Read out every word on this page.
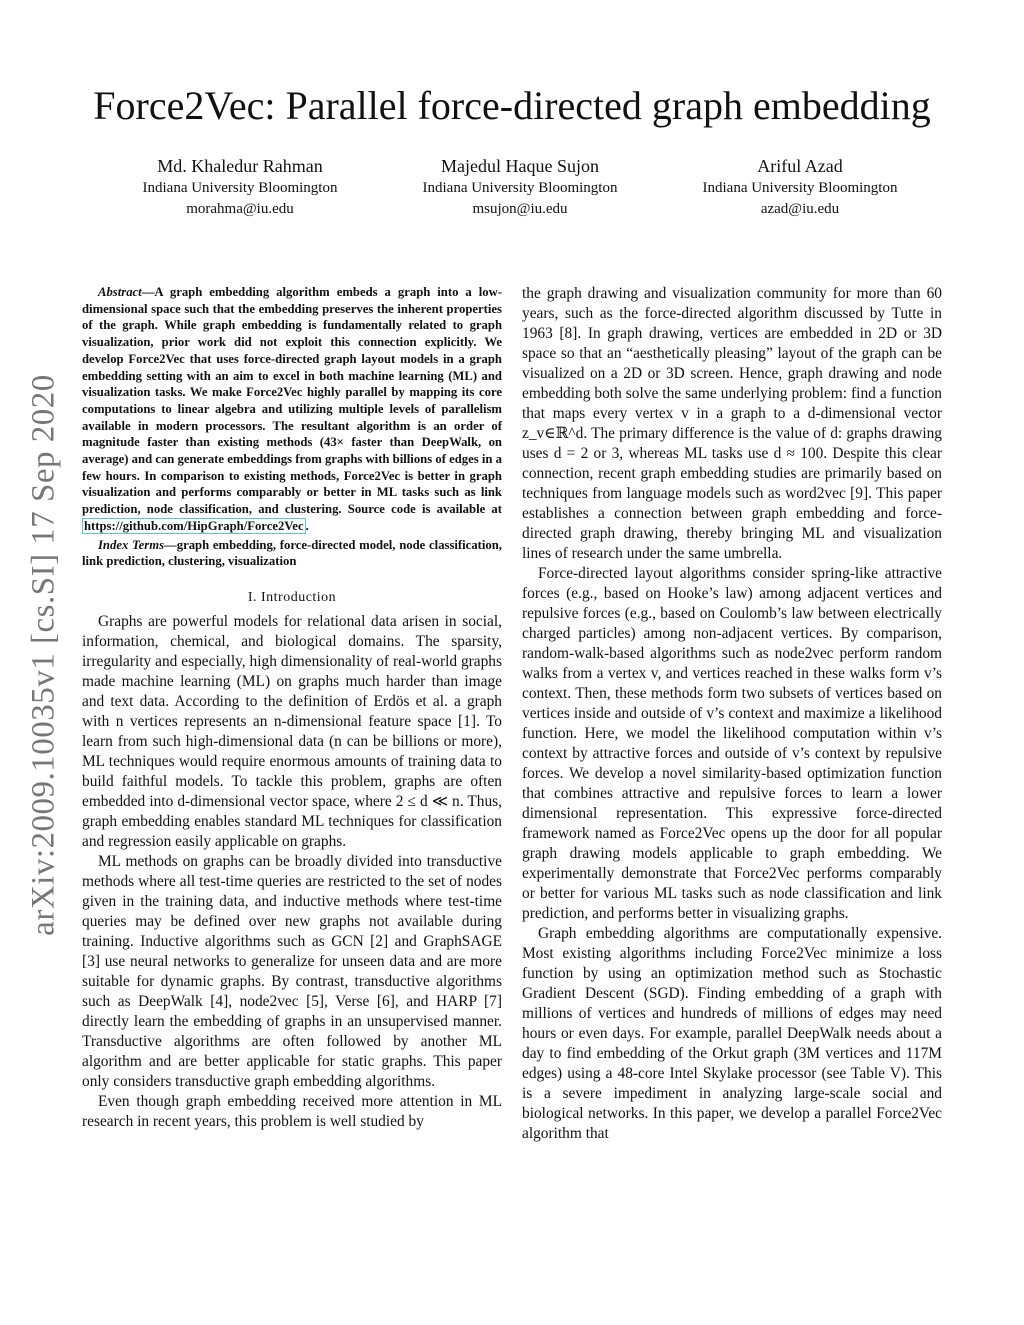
arXiv:2009.10035v1 [cs.SI] 17 Sep 2020
Force2Vec: Parallel force-directed graph embedding
Md. Khaledur Rahman
Indiana University Bloomington
morahma@iu.edu
Majedul Haque Sujon
Indiana University Bloomington
msujon@iu.edu
Ariful Azad
Indiana University Bloomington
azad@iu.edu

Abstract—A graph embedding algorithm embeds a graph into a low-dimensional space such that the embedding preserves the inherent properties of the graph. While graph embedding is fundamentally related to graph visualization, prior work did not exploit this connection explicitly. We develop Force2Vec that uses force-directed graph layout models in a graph embedding setting with an aim to excel in both machine learning (ML) and visualization tasks. We make Force2Vec highly parallel by mapping its core computations to linear algebra and utilizing multiple levels of parallelism available in modern processors. The resultant algorithm is an order of magnitude faster than existing methods (43× faster than DeepWalk, on average) and can generate embeddings from graphs with billions of edges in a few hours. In comparison to existing methods, Force2Vec is better in graph visualization and performs comparably or better in ML tasks such as link prediction, node classification, and clustering. Source code is available at https://github.com/HipGraph/Force2Vec .

Index Terms—graph embedding, force-directed model, node classification, link prediction, clustering, visualization

I. Introduction

Graphs are powerful models for relational data arisen in social, information, chemical, and biological domains. The sparsity, irregularity and especially, high dimensionality of real-world graphs made machine learning (ML) on graphs much harder than image and text data. According to the definition of Erdös et al. a graph with n vertices represents an n-dimensional feature space [1]. To learn from such high-dimensional data (n can be billions or more), ML techniques would require enormous amounts of training data to build faithful models. To tackle this problem, graphs are often embedded into d-dimensional vector space, where 2 ≤ d ≪ n. Thus, graph embedding enables standard ML techniques for classification and regression easily applicable on graphs.

ML methods on graphs can be broadly divided into transductive methods where all test-time queries are restricted to the set of nodes given in the training data, and inductive methods where test-time queries may be defined over new graphs not available during training. Inductive algorithms such as GCN [2] and GraphSAGE [3] use neural networks to generalize for unseen data and are more suitable for dynamic graphs. By contrast, transductive algorithms such as DeepWalk [4], node2vec [5], Verse [6], and HARP [7] directly learn the embedding of graphs in an unsupervised manner. Transductive algorithms are often followed by another ML algorithm and are better applicable for static graphs. This paper only considers transductive graph embedding algorithms.

Even though graph embedding received more attention in ML research in recent years, this problem is well studied by

the graph drawing and visualization community for more than 60 years, such as the force-directed algorithm discussed by Tutte in 1963 [8]. In graph drawing, vertices are embedded in 2D or 3D space so that an “aesthetically pleasing” layout of the graph can be visualized on a 2D or 3D screen. Hence, graph drawing and node embedding both solve the same underlying problem: find a function that maps every vertex v in a graph to a d-dimensional vector z_v∈ℝ^d. The primary difference is the value of d: graphs drawing uses d = 2 or 3, whereas ML tasks use d ≈ 100. Despite this clear connection, recent graph embedding studies are primarily based on techniques from language models such as word2vec [9]. This paper establishes a connection between graph embedding and force-directed graph drawing, thereby bringing ML and visualization lines of research under the same umbrella.

Force-directed layout algorithms consider spring-like attractive forces (e.g., based on Hooke’s law) among adjacent vertices and repulsive forces (e.g., based on Coulomb’s law between electrically charged particles) among non-adjacent vertices. By comparison, random-walk-based algorithms such as node2vec perform random walks from a vertex v, and vertices reached in these walks form v’s context. Then, these methods form two subsets of vertices based on vertices inside and outside of v’s context and maximize a likelihood function. Here, we model the likelihood computation within v’s context by attractive forces and outside of v’s context by repulsive forces. We develop a novel similarity-based optimization function that combines attractive and repulsive forces to learn a lower dimensional representation. This expressive force-directed framework named as Force2Vec opens up the door for all popular graph drawing models applicable to graph embedding. We experimentally demonstrate that Force2Vec performs comparably or better for various ML tasks such as node classification and link prediction, and performs better in visualizing graphs.

Graph embedding algorithms are computationally expensive. Most existing algorithms including Force2Vec minimize a loss function by using an optimization method such as Stochastic Gradient Descent (SGD). Finding embedding of a graph with millions of vertices and hundreds of millions of edges may need hours or even days. For example, parallel DeepWalk needs about a day to find embedding of the Orkut graph (3M vertices and 117M edges) using a 48-core Intel Skylake processor (see Table V). This is a severe impediment in analyzing large-scale social and biological networks. In this paper, we develop a parallel Force2Vec algorithm that
